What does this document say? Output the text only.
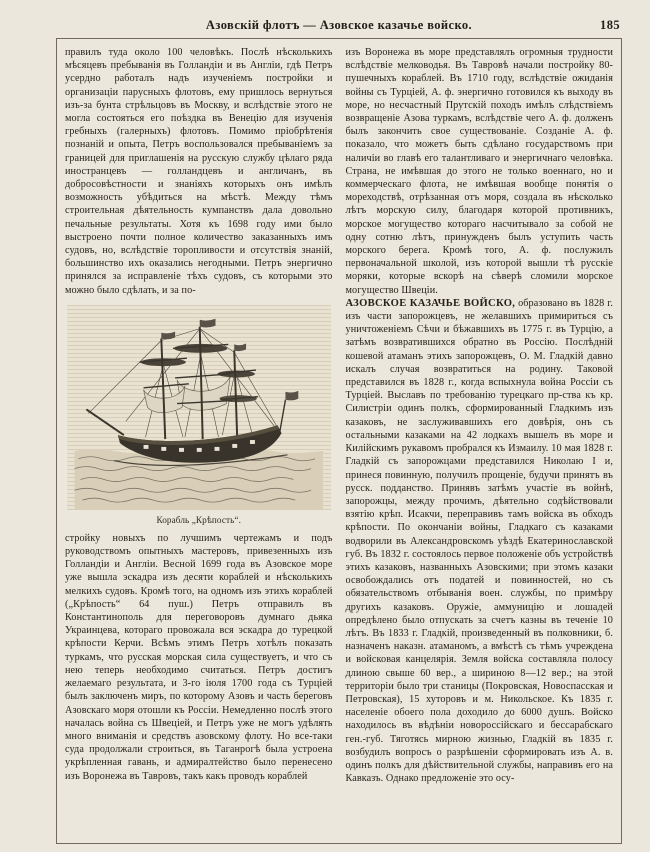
Азовскій флотъ — Азовское казачье войско.	185

правилъ туда около 100 человѣкъ. Послѣ нѣсколькихъ мѣсяцевъ пребыванія въ Голландіи и въ Англіи, гдѣ Петръ усердно работалъ надъ изученіемъ постройки и организаціи парусныхъ флотовъ, ему пришлось вернуться изъ-за бунта стрѣльцовъ въ Москву, и вслѣдствіе этого не могла состояться его поѣздка въ Венецію для изученія гребныхъ (галерныхъ) флотовъ. Помимо пріобрѣтенія познаній и опыта, Петръ воспользовался пребываніемъ за границей для приглашенія на русскую службу цѣлаго ряда иностранцевъ — голландцевъ и англичанъ, въ добросовѣстности и знаніяхъ которыхъ онъ имѣлъ возможность убѣдиться на мѣстѣ. Между тѣмъ строительная дѣятельность кумпанствъ дала довольно печальные результаты. Хотя къ 1698 году ими было выстроено почти полное количество заказанныхъ имъ судовъ, но, вслѣдствіе торопливости и отсутствія знаній, большинство ихъ оказались негодными. Петръ энергично принялся за исправленіе тѣхъ судовъ, съ которыми это можно было сдѣлать, и за по-

Корабль „Крѣпость“.

стройку новыхъ по лучшимъ чертежамъ и подъ руководствомъ опытныхъ мастеровъ, привезенныхъ изъ Голландіи и Англіи. Весной 1699 года въ Азовское море уже вышла эскадра изъ десяти кораблей и нѣсколькихъ мелкихъ судовъ. Кромѣ того, на одномъ изъ этихъ кораблей („Крѣпость“ 64 пуш.) Петръ отправилъ въ Константинополь для переговоровъ думнаго дьяка Украинцева, котораго провожала вся эскадра до турецкой крѣпости Керчи. Всѣмъ этимъ Петръ хотѣлъ показать туркамъ, что русская морская сила существуетъ, и что съ нею теперь необходимо считаться. Петръ достигъ желаемаго результата, и 3-го іюля 1700 года съ Турціей былъ заключенъ миръ, по которому Азовъ и часть береговъ Азовскаго моря отошли къ Россіи. Немедленно послѣ этого началась война съ Швеціей, и Петръ уже не могъ удѣлять много вниманія и средствъ азовскому флоту. Но все-таки суда продолжали строиться, въ Таганрогѣ была устроена укрѣпленная гавань, и адмиралтейство было перенесено изъ Воронежа въ Тавровъ, такъ какъ проводъ кораблей

изъ Воронежа въ море представлялъ огромныя трудности вслѣдствіе мелководья. Въ Тавровѣ начали постройку 80-пушечныхъ кораблей. Въ 1710 году, вслѣдствіе ожиданія войны съ Турціей, А. ф. энергично готовился къ выходу въ море, но несчастный Прутскій походъ имѣлъ слѣдствіемъ возвращеніе Азова туркамъ, вслѣдствіе чего А. ф. долженъ былъ закончить свое существованіе. Созданіе А. ф. показало, что можетъ быть сдѣлано государствомъ при наличіи во главѣ его талантливаго и энергичнаго человѣка. Страна, не имѣвшая до этого не только военнаго, но и коммерческаго флота, не имѣвшая вообще понятія о мореходствѣ, отрѣзанная отъ моря, создала въ нѣсколько лѣтъ морскую силу, благодаря которой противникъ, морское могущество котораго насчитывало за собой не одну сотню лѣтъ, принужденъ былъ уступить часть морского берега. Кромѣ того, А. ф. послужилъ первоначальной школой, изъ которой вышли тѣ русскіе моряки, которые вскорѣ на сѣверѣ сломили морское могущество Швеціи.

АЗОВСКОЕ КАЗАЧЬЕ ВОЙСКО, образовано въ 1828 г. изъ части запорожцевъ, не желавшихъ примириться съ уничтоженіемъ Сѣчи и бѣжавшихъ въ 1775 г. въ Турцію, а затѣмъ возвратившихся обратно въ Россію. Послѣдній кошевой атаманъ этихъ запорожцевъ, О. М. Гладкій давно искалъ случая возвратиться на родину. Таковой представился въ 1828 г., когда вспыхнула война Россіи съ Турціей. Выславъ по требованію турецкаго пр-ства къ кр. Силистріи одинъ полкъ, сформированный Гладкимъ изъ казаковъ, не заслуживавшихъ его довѣрія, онъ съ остальными казаками на 42 лодкахъ вышелъ въ море и Килійскимъ рукавомъ пробрался къ Измаилу. 10 мая 1828 г. Гладкій съ запорожцами представился Николаю I и, принеся повинную, получилъ прощеніе, будучи принятъ въ русск. подданство. Принявъ затѣмъ участіе въ войнѣ, запорожцы, между прочимъ, дѣятельно содѣйствовали взятію крѣп. Исакчи, переправивъ тамъ войска въ обходъ крѣпости. По окончаніи войны, Гладкаго съ казаками водворили въ Александровскомъ уѣздѣ Екатеринославской губ. Въ 1832 г. состоялось первое положеніе объ устройствѣ этихъ казаковъ, названныхъ Азовскими; при этомъ казаки освобождались отъ податей и повинностей, но съ обязательствомъ отбыванія воен. службы, по примѣру другихъ казаковъ. Оружіе, аммуницію и лошадей опредѣлено было отпускать за счетъ казны въ теченіе 10 лѣтъ. Въ 1833 г. Гладкій, произведенный въ полковники, б. назначенъ наказн. атаманомъ, а вмѣстѣ съ тѣмъ учреждена и войсковая канцелярія. Земля войска составляла полосу длиною свыше 60 вер., а шириною 8—12 вер.; на этой территоріи было три станицы (Покровская, Новоспасская и Петровская), 15 хуторовъ и м. Никольское. Къ 1835 г. населеніе обоего пола доходило до 6000 душъ. Войско находилось въ вѣдѣніи новороссійскаго и бессарабскаго ген.-губ. Тяготясь мирною жизнью, Гладкій въ 1835 г. возбудилъ вопросъ о разрѣшеніи сформировать изъ А. в. одинъ полкъ для дѣйствительной службы, направивъ его на Кавказъ. Однако предложеніе это осу-
